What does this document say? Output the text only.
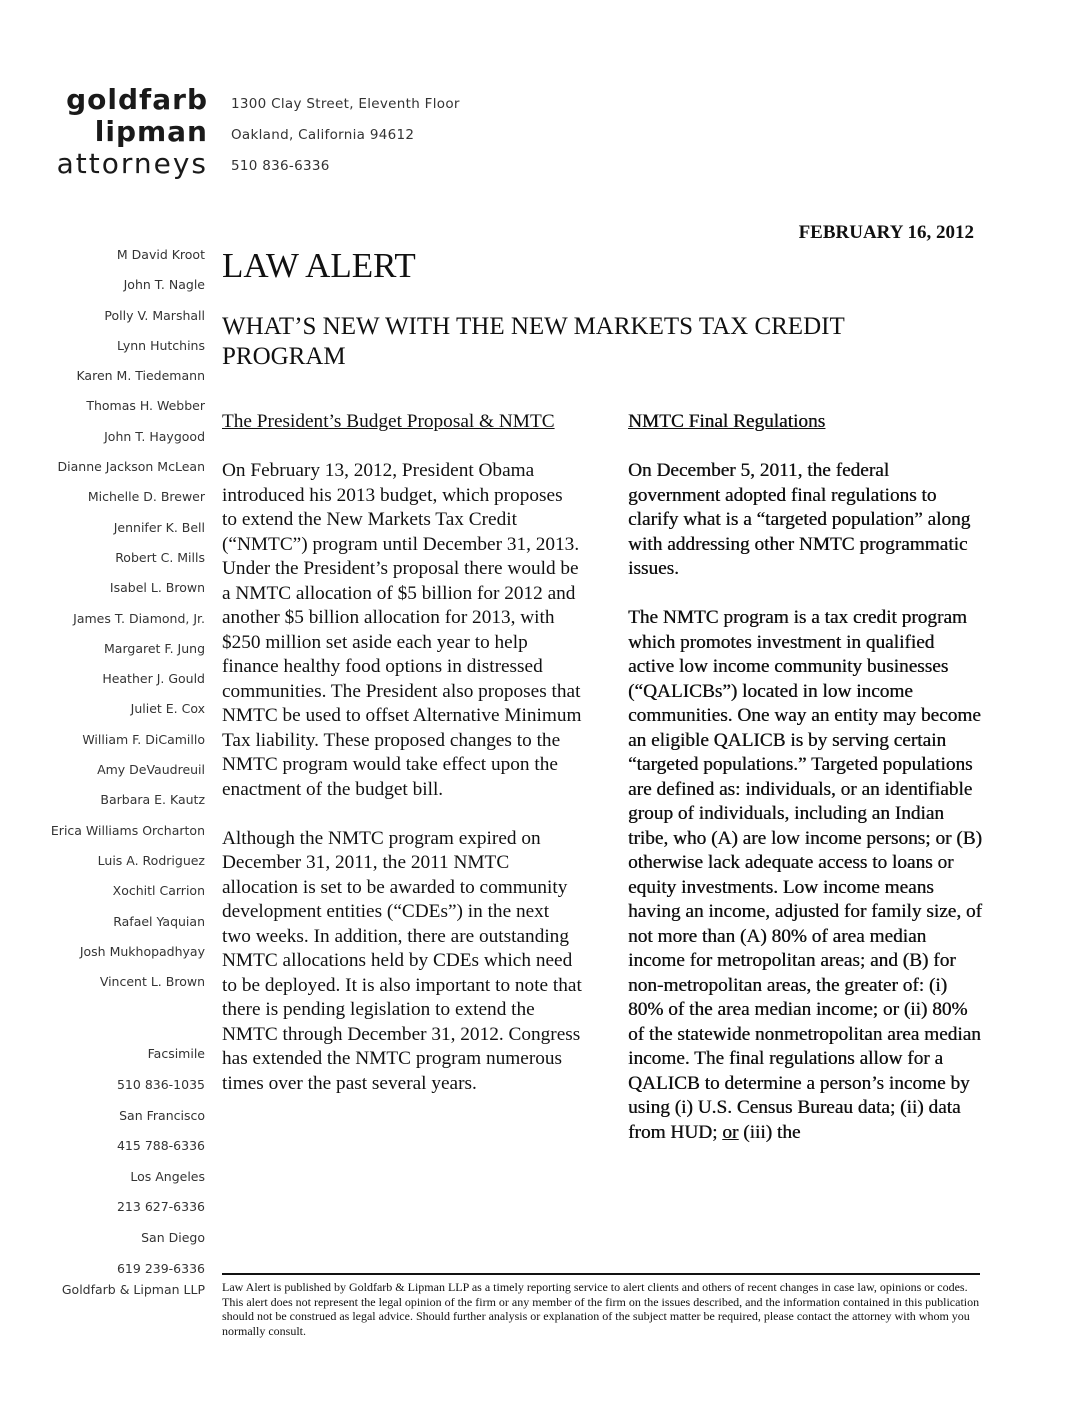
goldfarb
lipman
attorneys
1300 Clay Street, Eleventh Floor
Oakland, California 94612
510 836-6336
M David Kroot
John T. Nagle
Polly V. Marshall
Lynn Hutchins
Karen M. Tiedemann
Thomas H. Webber
John T. Haygood
Dianne Jackson McLean
Michelle D. Brewer
Jennifer K. Bell
Robert C. Mills
Isabel L. Brown
James T. Diamond, Jr.
Margaret F. Jung
Heather J. Gould
Juliet E. Cox
William F. DiCamillo
Amy DeVaudreuil
Barbara E. Kautz
Erica Williams Orcharton
Luis A. Rodriguez
Xochitl Carrion
Rafael Yaquian
Josh Mukhopadhyay
Vincent L. Brown
Facsimile
510 836-1035
San Francisco
415 788-6336
Los Angeles
213 627-6336
San Diego
619 239-6336
Goldfarb & Lipman LLP
FEBRUARY 16, 2012
LAW ALERT
WHAT’S NEW WITH THE NEW MARKETS TAX CREDIT PROGRAM

The President’s Budget Proposal & NMTC

On February 13, 2012, President Obama introduced his 2013 budget, which proposes to extend the New Markets Tax Credit (“NMTC”) program until December 31, 2013. Under the President’s proposal there would be a NMTC allocation of $5 billion for 2012 and another $5 billion allocation for 2013, with $250 million set aside each year to help finance healthy food options in distressed communities. The President also proposes that NMTC be used to offset Alternative Minimum Tax liability. These proposed changes to the NMTC program would take effect upon the enactment of the budget bill.

Although the NMTC program expired on December 31, 2011, the 2011 NMTC allocation is set to be awarded to community development entities (“CDEs”) in the next two weeks. In addition, there are outstanding NMTC allocations held by CDEs which need to be deployed. It is also important to note that there is pending legislation to extend the NMTC through December 31, 2012. Congress has extended the NMTC program numerous times over the past several years.

NMTC Final Regulations

On December 5, 2011, the federal government adopted final regulations to clarify what is a “targeted population” along with addressing other NMTC programmatic issues.

The NMTC program is a tax credit program which promotes investment in qualified active low income community businesses (“QALICBs”) located in low income communities. One way an entity may become an eligible QALICB is by serving certain “targeted populations.” Targeted populations are defined as: individuals, or an identifiable group of individuals, including an Indian tribe, who (A) are low income persons; or (B) otherwise lack adequate access to loans or equity investments. Low income means having an income, adjusted for family size, of not more than (A) 80% of area median income for metropolitan areas; and (B) for non-metropolitan areas, the greater of: (i) 80% of the area median income; or (ii) 80% of the statewide nonmetropolitan area median income. The final regulations allow for a QALICB to determine a person’s income by using (i) U.S. Census Bureau data; (ii) data from HUD; or (iii) the

Law Alert is published by Goldfarb & Lipman LLP as a timely reporting service to alert clients and others of recent changes in case law, opinions or codes. This alert does not represent the legal opinion of the firm or any member of the firm on the issues described, and the information contained in this publication should not be construed as legal advice. Should further analysis or explanation of the subject matter be required, please contact the attorney with whom you normally consult.
